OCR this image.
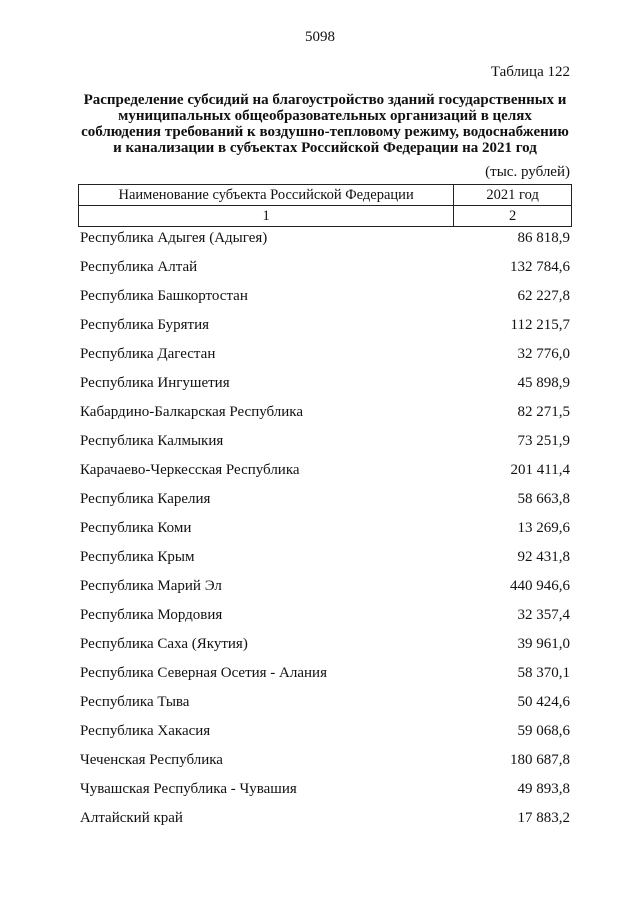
5098
Таблица 122
Распределение субсидий на благоустройство зданий государственных и
муниципальных общеобразовательных организаций в целях
соблюдения требований к воздушно-тепловому режиму, водоснабжению
и канализации в субъектах Российской Федерации на 2021 год
(тыс. рублей)
Наименование субъекта Российской Федерации	2021 год
1	2
Республика Адыгея (Адыгея)	86 818,9
Республика Алтай	132 784,6
Республика Башкортостан	62 227,8
Республика Бурятия	112 215,7
Республика Дагестан	32 776,0
Республика Ингушетия	45 898,9
Кабардино-Балкарская Республика	82 271,5
Республика Калмыкия	73 251,9
Карачаево-Черкесская Республика	201 411,4
Республика Карелия	58 663,8
Республика Коми	13 269,6
Республика Крым	92 431,8
Республика Марий Эл	440 946,6
Республика Мордовия	32 357,4
Республика Саха (Якутия)	39 961,0
Республика Северная Осетия - Алания	58 370,1
Республика Тыва	50 424,6
Республика Хакасия	59 068,6
Чеченская Республика	180 687,8
Чувашская Республика - Чувашия	49 893,8
Алтайский край	17 883,2
